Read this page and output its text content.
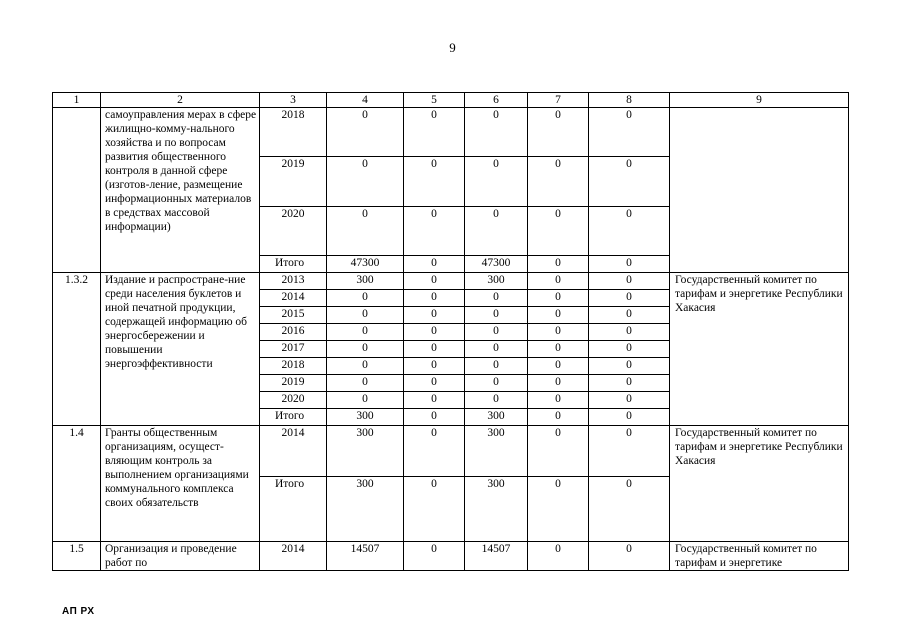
9
1	2	3	4	5	6	7	8	9
	самоуправления мерах в сфере жилищно-комму-нального хозяйства и по вопросам развития общественного контроля в данной сфере (изготов-ление, размещение информационных материалов в средствах массовой информации)	2018	0	0	0	0	0	
		2019	0	0	0	0	0	
		2020	0	0	0	0	0	
		Итого	47300	0	47300	0	0	
1.3.2	Издание и распростране-ние среди населения буклетов и иной печатной продукции, содержащей информацию об энергосбережении и повышении энергоэффективности	2013	300	0	300	0	0	Государственный комитет по тарифам и энергетике Республики Хакасия
		2014	0	0	0	0	0	
		2015	0	0	0	0	0	
		2016	0	0	0	0	0	
		2017	0	0	0	0	0	
		2018	0	0	0	0	0	
		2019	0	0	0	0	0	
		2020	0	0	0	0	0	
		Итого	300	0	300	0	0	
1.4	Гранты общественным организациям, осущест-вляющим контроль за выполнением организациями коммунального комплекса своих обязательств	2014	300	0	300	0	0	Государственный комитет по тарифам и энергетике Республики Хакасия
		Итого	300	0	300	0	0	
1.5	Организация и проведение работ по	2014	14507	0	14507	0	0	Государственный комитет по тарифам и энергетике
АП РХ
